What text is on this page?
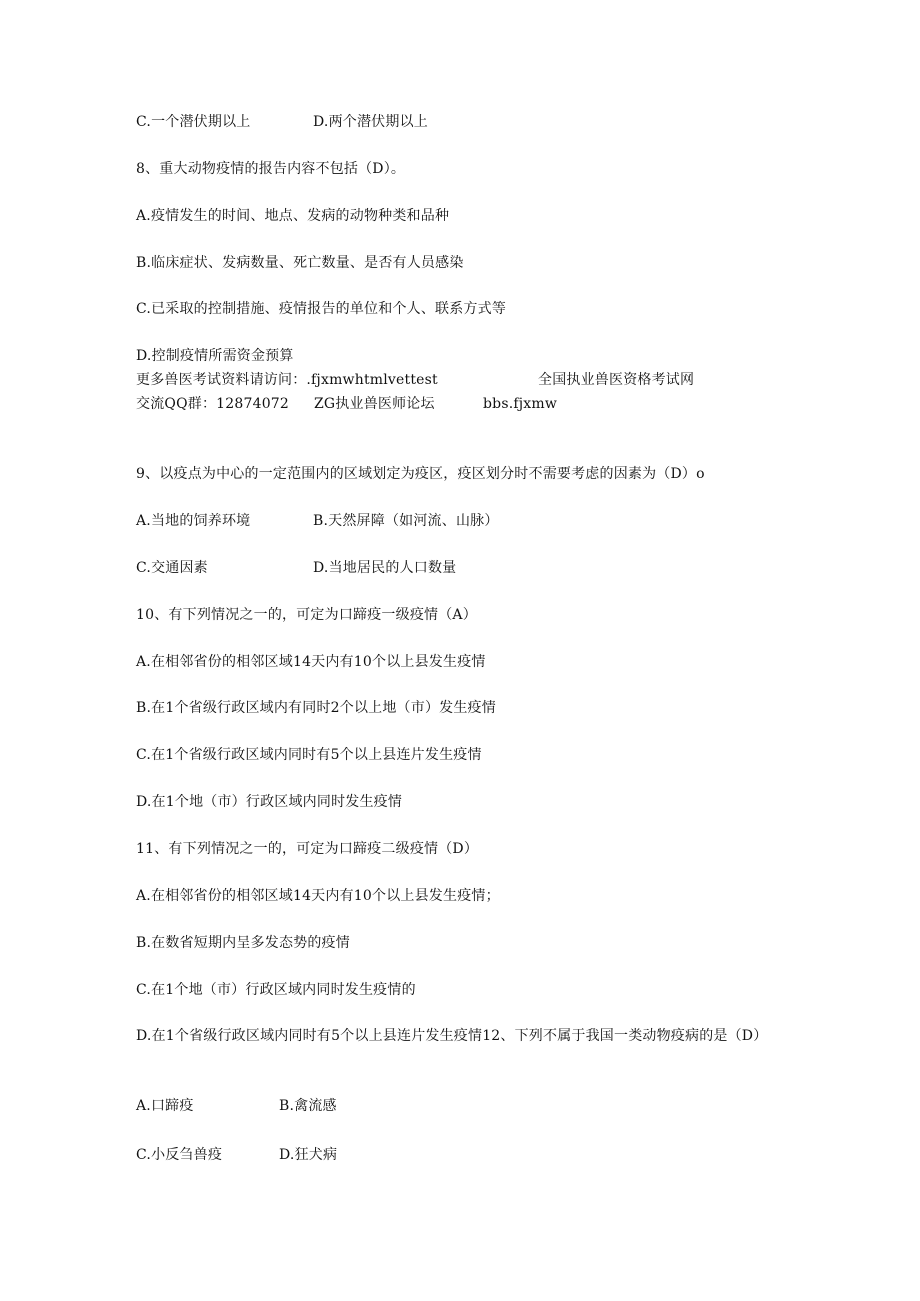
C.一个潜伏期以上	D.两个潜伏期以上
8、重大动物疫情的报告内容不包括（D）。
A.疫情发生的时间、地点、发病的动物种类和品种
B.临床症状、发病数量、死亡数量、是否有人员感染
C.已采取的控制措施、疫情报告的单位和个人、联系方式等
D.控制疫情所需资金预算
更多兽医考试资料请访问：.fjxmwhtmlvettest	全国执业兽医资格考试网
交流QQ群：12874072 ZG执业兽医师论坛	bbs.fjxmw
9、以疫点为中心的一定范围内的区域划定为疫区，疫区划分时不需要考虑的因素为（D）o
A.当地的饲养环境	B.天然屏障（如河流、山脉）
C.交通因素	D.当地居民的人口数量
10、有下列情况之一的，可定为口蹄疫一级疫情（A）
A.在相邻省份的相邻区域14天内有10个以上县发生疫情
B.在1个省级行政区域内有同时2个以上地（市）发生疫情
C.在1个省级行政区域内同时有5个以上县连片发生疫情
D.在1个地（市）行政区域内同时发生疫情
11、有下列情况之一的，可定为口蹄疫二级疫情（D）
A.在相邻省份的相邻区域14天内有10个以上县发生疫情；
B.在数省短期内呈多发态势的疫情
C.在1个地（市）行政区域内同时发生疫情的
D.在1个省级行政区域内同时有5个以上县连片发生疫情12、下列不属于我国一类动物疫病的是（D）
A.口蹄疫	B.禽流感
C.小反刍兽疫	D.狂犬病
